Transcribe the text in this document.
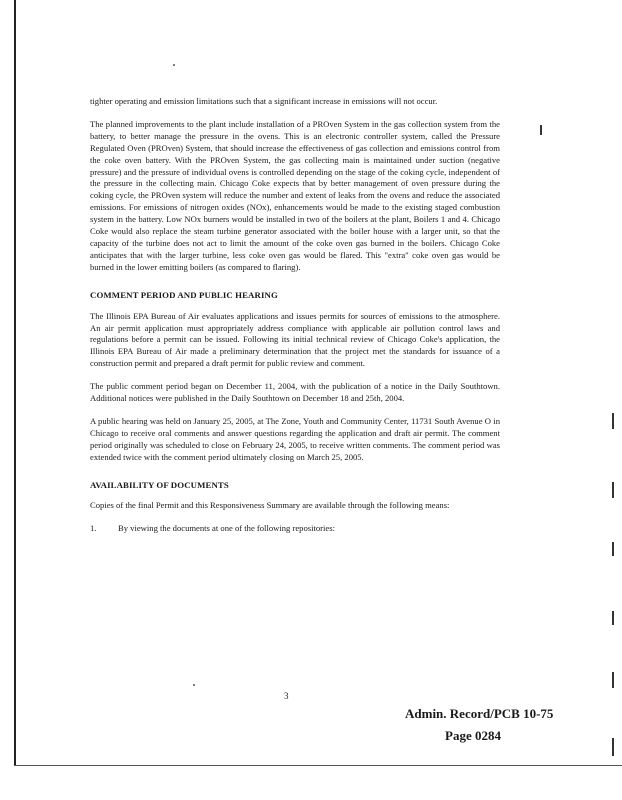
tighter operating and emission limitations such that a significant increase in emissions will not occur.

The planned improvements to the plant include installation of a PROven System in the gas collection system from the battery, to better manage the pressure in the ovens. This is an electronic controller system, called the Pressure Regulated Oven (PROven) System, that should increase the effectiveness of gas collection and emissions control from the coke oven battery. With the PROven System, the gas collecting main is maintained under suction (negative pressure) and the pressure of individual ovens is controlled depending on the stage of the coking cycle, independent of the pressure in the collecting main. Chicago Coke expects that by better management of oven pressure during the coking cycle, the PROven system will reduce the number and extent of leaks from the ovens and reduce the associated emissions. For emissions of nitrogen oxides (NOx), enhancements would be made to the existing staged combustion system in the battery. Low NOx burners would be installed in two of the boilers at the plant, Boilers 1 and 4. Chicago Coke would also replace the steam turbine generator associated with the boiler house with a larger unit, so that the capacity of the turbine does not act to limit the amount of the coke oven gas burned in the boilers. Chicago Coke anticipates that with the larger turbine, less coke oven gas would be flared. This "extra" coke oven gas would be burned in the lower emitting boilers (as compared to flaring).

COMMENT PERIOD AND PUBLIC HEARING

The Illinois EPA Bureau of Air evaluates applications and issues permits for sources of emissions to the atmosphere. An air permit application must appropriately address compliance with applicable air pollution control laws and regulations before a permit can be issued. Following its initial technical review of Chicago Coke's application, the Illinois EPA Bureau of Air made a preliminary determination that the project met the standards for issuance of a construction permit and prepared a draft permit for public review and comment.

The public comment period began on December 11, 2004, with the publication of a notice in the Daily Southtown. Additional notices were published in the Daily Southtown on December 18 and 25th, 2004.

A public hearing was held on January 25, 2005, at The Zone, Youth and Community Center, 11731 South Avenue O in Chicago to receive oral comments and answer questions regarding the application and draft air permit. The comment period originally was scheduled to close on February 24, 2005, to receive written comments. The comment period was extended twice with the comment period ultimately closing on March 25, 2005.

AVAILABILITY OF DOCUMENTS

Copies of the final Permit and this Responsiveness Summary are available through the following means:

1.	By viewing the documents at one of the following repositories:
3
Admin. Record/PCB 10-75
Page 0284
